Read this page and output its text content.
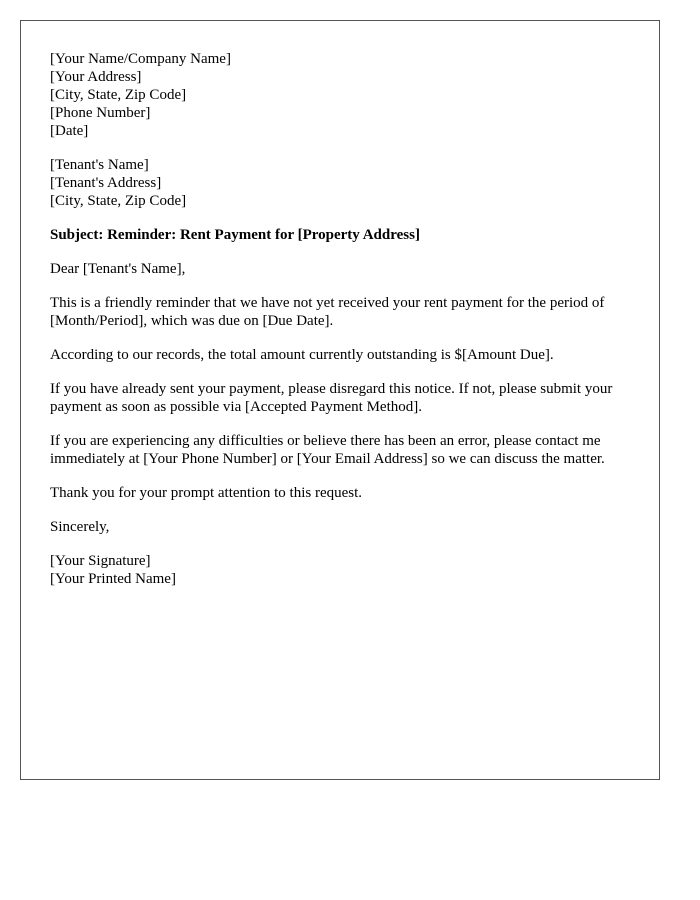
[Your Name/Company Name]
[Your Address]
[City, State, Zip Code]
[Phone Number]
[Date]
[Tenant's Name]
[Tenant's Address]
[City, State, Zip Code]

Subject: Reminder: Rent Payment for [Property Address]

Dear [Tenant's Name],

This is a friendly reminder that we have not yet received your rent payment for the period of [Month/Period], which was due on [Due Date].

According to our records, the total amount currently outstanding is $[Amount Due].

If you have already sent your payment, please disregard this notice. If not, please submit your payment as soon as possible via [Accepted Payment Method].

If you are experiencing any difficulties or believe there has been an error, please contact me immediately at [Your Phone Number] or [Your Email Address] so we can discuss the matter.

Thank you for your prompt attention to this request.

Sincerely,

[Your Signature]
[Your Printed Name]
